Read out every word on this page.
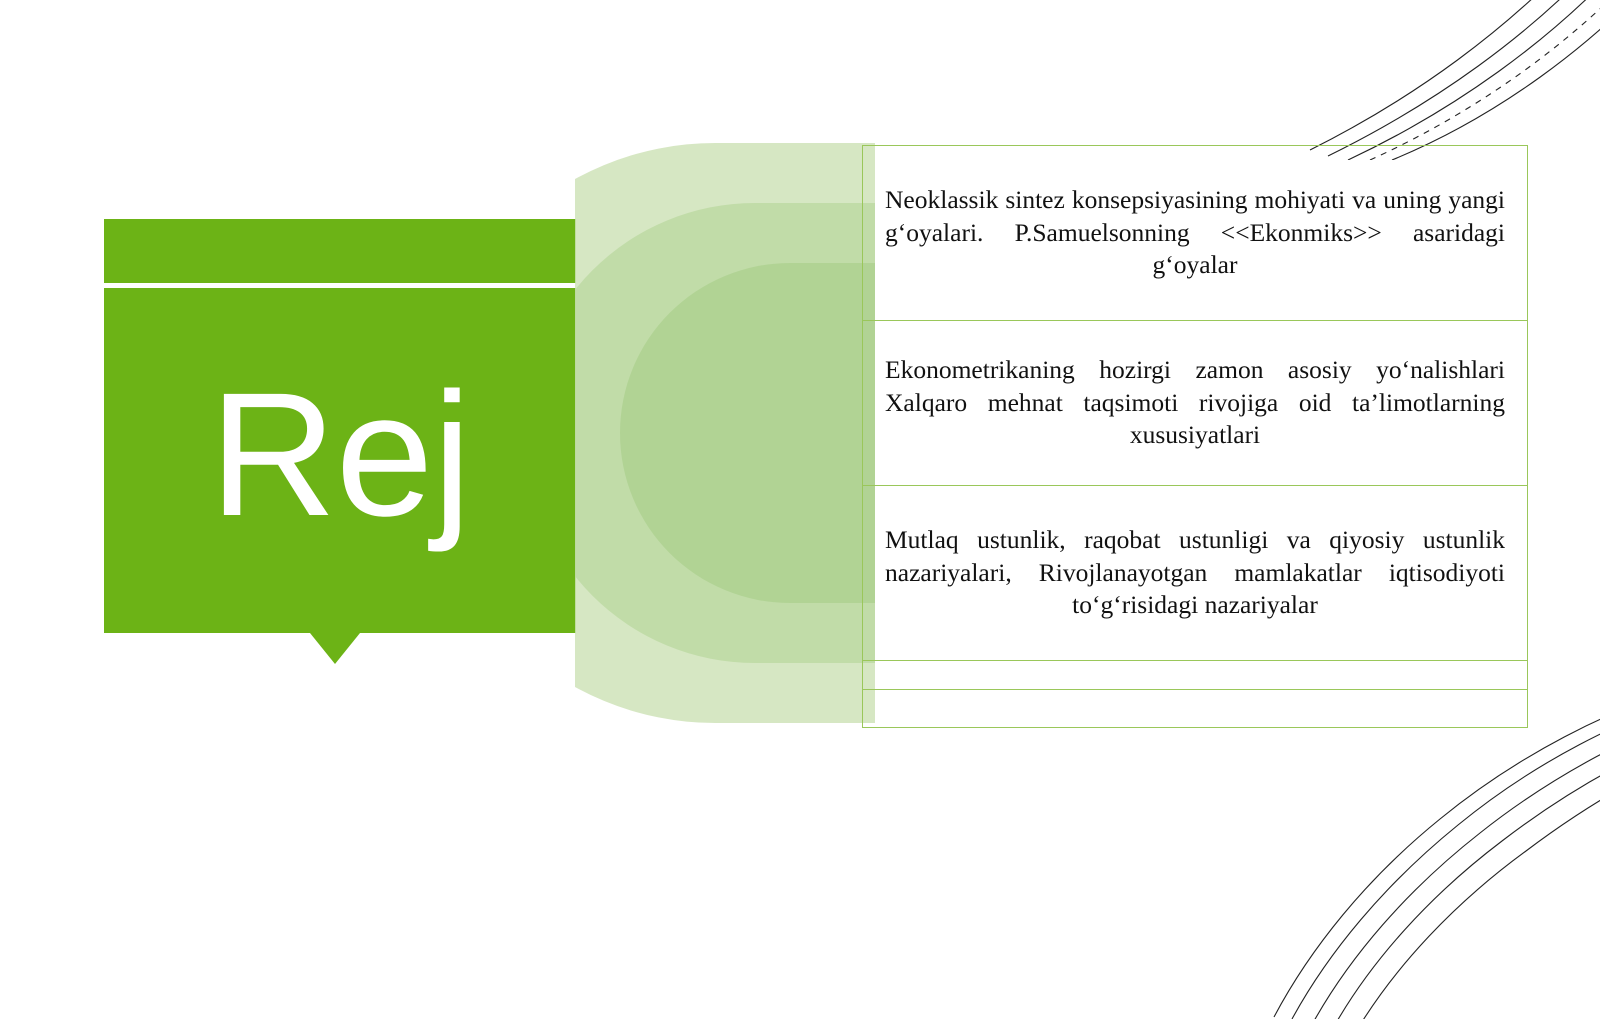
Rej
Neoklassik sintez konsepsiyasining mohiyati va uning yangi g‘oyalari. P.Samuelsonning <<Ekonmiks>> asaridagi g‘oyalar
Ekonometrikaning hozirgi zamon asosiy yo‘nalishlari Xalqaro mehnat taqsimoti rivojiga oid ta’limotlarning xususiyatlari
Mutlaq ustunlik, raqobat ustunligi va qiyosiy ustunlik nazariyalari, Rivojlanayotgan mamlakatlar iqtisodiyoti to‘g‘risidagi nazariyalar
